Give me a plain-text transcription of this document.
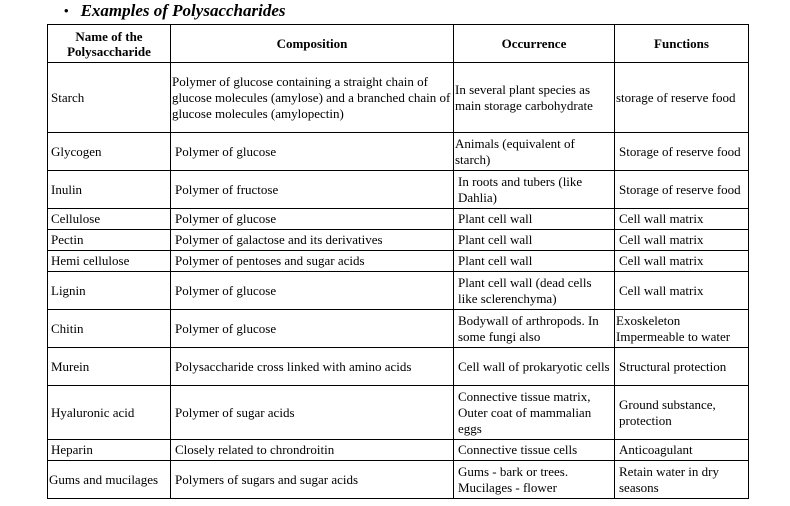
• Examples of Polysaccharides
Name of the Polysaccharide	Composition	Occurrence	Functions
Starch	Polymer of glucose containing a straight chain of glucose molecules (amylose) and a branched chain of glucose molecules (amylopectin)	In several plant species as main storage carbohydrate	storage of reserve food
Glycogen	Polymer of glucose	Animals (equivalent of starch)	Storage of reserve food
Inulin	Polymer of fructose	In roots and tubers (like Dahlia)	Storage of reserve food
Cellulose	Polymer of glucose	Plant cell wall	Cell wall matrix
Pectin	Polymer of galactose and its derivatives	Plant cell wall	Cell wall matrix
Hemi cellulose	Polymer of pentoses and sugar acids	Plant cell wall	Cell wall matrix
Lignin	Polymer of glucose	Plant cell wall (dead cells like sclerenchyma)	Cell wall matrix
Chitin	Polymer of glucose	Bodywall of arthropods. In some fungi also	Exoskeleton Impermeable to water
Murein	Polysaccharide cross linked with amino acids	Cell wall of prokaryotic cells	Structural protection
Hyaluronic acid	Polymer of sugar acids	Connective tissue matrix, Outer coat of mammalian eggs	Ground substance, protection
Heparin	Closely related to chrondroitin	Connective tissue cells	Anticoagulant
Gums and mucilages	Polymers of sugars and sugar acids	Gums - bark or trees. Mucilages - flower	Retain water in dry seasons
